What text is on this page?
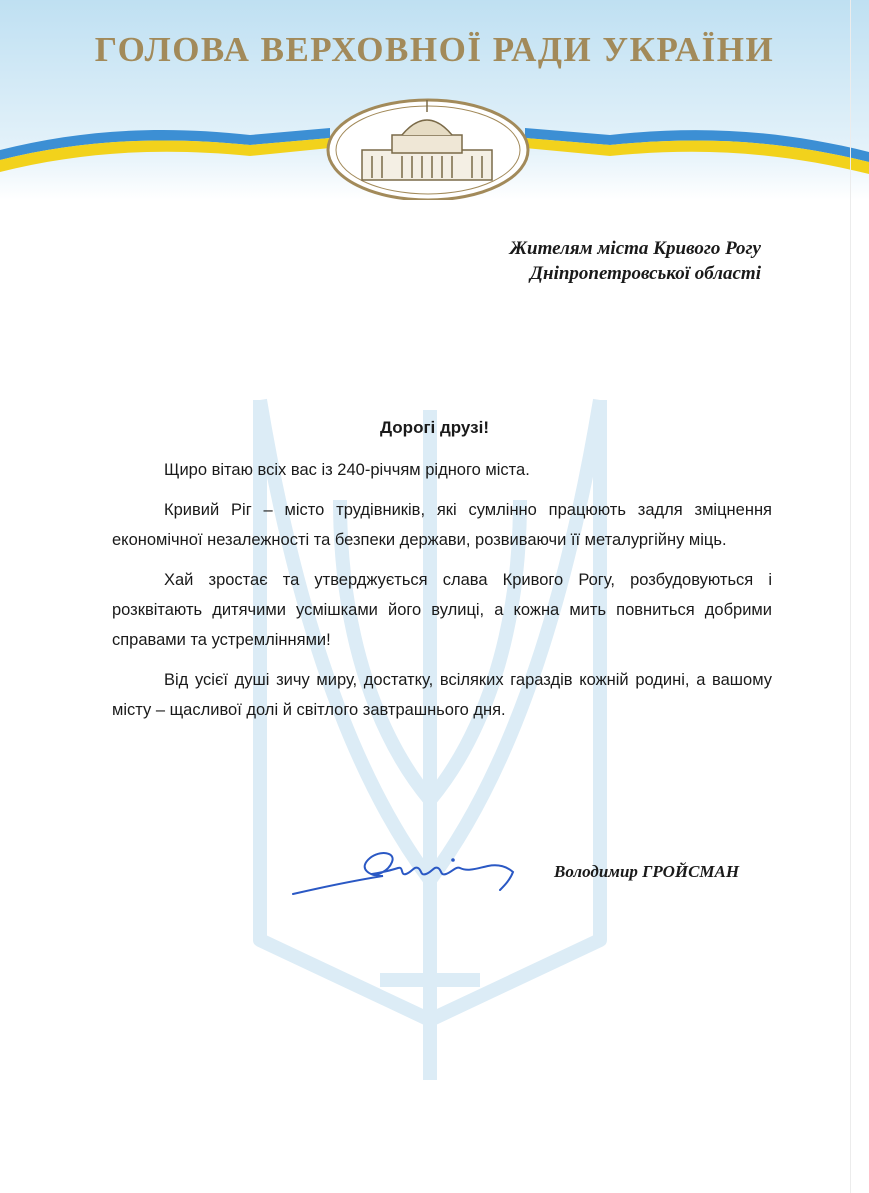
ГОЛОВА ВЕРХОВНОЇ РАДИ УКРАЇНИ
Жителям міста Кривого Рогу
Дніпропетровської області
Дорогі друзі!

Щиро вітаю всіх вас із 240-річчям рідного міста.

Кривий Ріг – місто трудівників, які сумлінно працюють задля зміцнення економічної незалежності та безпеки держави, розвиваючи її металургійну міць.

Хай зростає та утверджується слава Кривого Рогу, розбудовуються і розквітають дитячими усмішками його вулиці, а кожна мить повниться добрими справами та устремліннями!

Від усієї душі зичу миру, достатку, всіляких гараздів кожній родині, а вашому місту – щасливої долі й світлого завтрашнього дня.

Володимир ГРОЙСМАН
